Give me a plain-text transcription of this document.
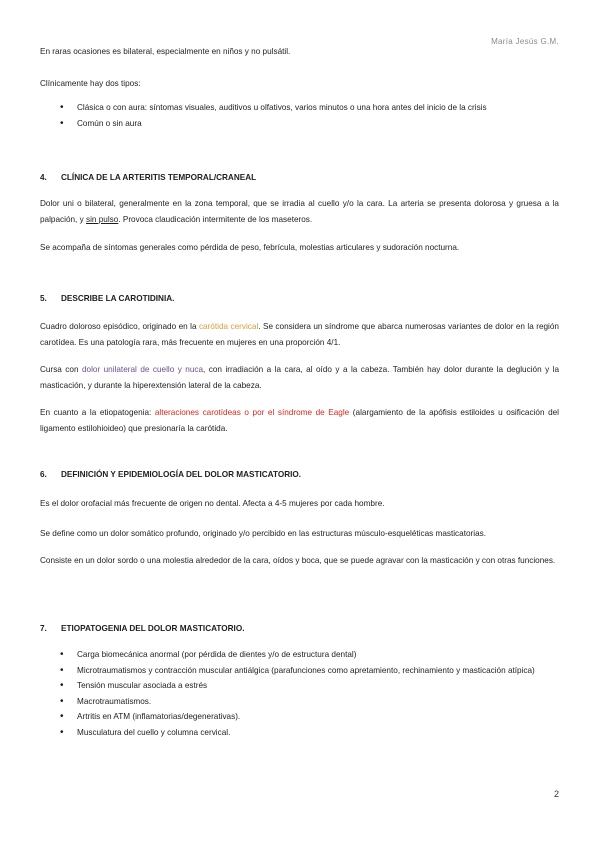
María Jesús G.M.
En raras ocasiones es bilateral, especialmente en niños y no pulsátil.
Clínicamente hay dos tipos:
• Clásica o con aura: síntomas visuales, auditivos u olfativos, varios minutos o una hora antes del inicio de la crisis
• Común o sin aura
4. CLÍNICA DE LA ARTERITIS TEMPORAL/CRANEAL
Dolor uni o bilateral, generalmente en la zona temporal, que se irradia al cuello y/o la cara. La arteria se presenta dolorosa y gruesa a la palpación, y sin pulso. Provoca claudicación intermitente de los maseteros.
Se acompaña de síntomas generales como pérdida de peso, febrícula, molestias articulares y sudoración nocturna.
5. DESCRIBE LA CAROTIDINIA.
Cuadro doloroso episódico, originado en la carótida cervical. Se considera un síndrome que abarca numerosas variantes de dolor en la región carotídea. Es una patología rara, más frecuente en mujeres en una proporción 4/1.
Cursa con dolor unilateral de cuello y nuca, con irradiación a la cara, al oído y a la cabeza. También hay dolor durante la deglución y la masticación, y durante la hiperextensión lateral de la cabeza.
En cuanto a la etiopatogenia: alteraciones carotídeas o por el síndrome de Eagle (alargamiento de la apófisis estiloides u osificación del ligamento estilohioideo) que presionaría la carótida.
6. DEFINICIÓN Y EPIDEMIOLOGÍA DEL DOLOR MASTICATORIO.
Es el dolor orofacial más frecuente de origen no dental. Afecta a 4-5 mujeres por cada hombre.
Se define como un dolor somático profundo, originado y/o percibido en las estructuras músculo-esqueléticas masticatorias.
Consiste en un dolor sordo o una molestia alrededor de la cara, oídos y boca, que se puede agravar con la masticación y con otras funciones.
7. ETIOPATOGENIA DEL DOLOR MASTICATORIO.
• Carga biomecánica anormal (por pérdida de dientes y/o de estructura dental)
• Microtraumatismos y contracción muscular antiálgica (parafunciones como apretamiento, rechinamiento y masticación atípica)
• Tensión muscular asociada a estrés
• Macrotraumatismos.
• Artritis en ATM (inflamatorias/degenerativas).
• Musculatura del cuello y columna cervical.
2
